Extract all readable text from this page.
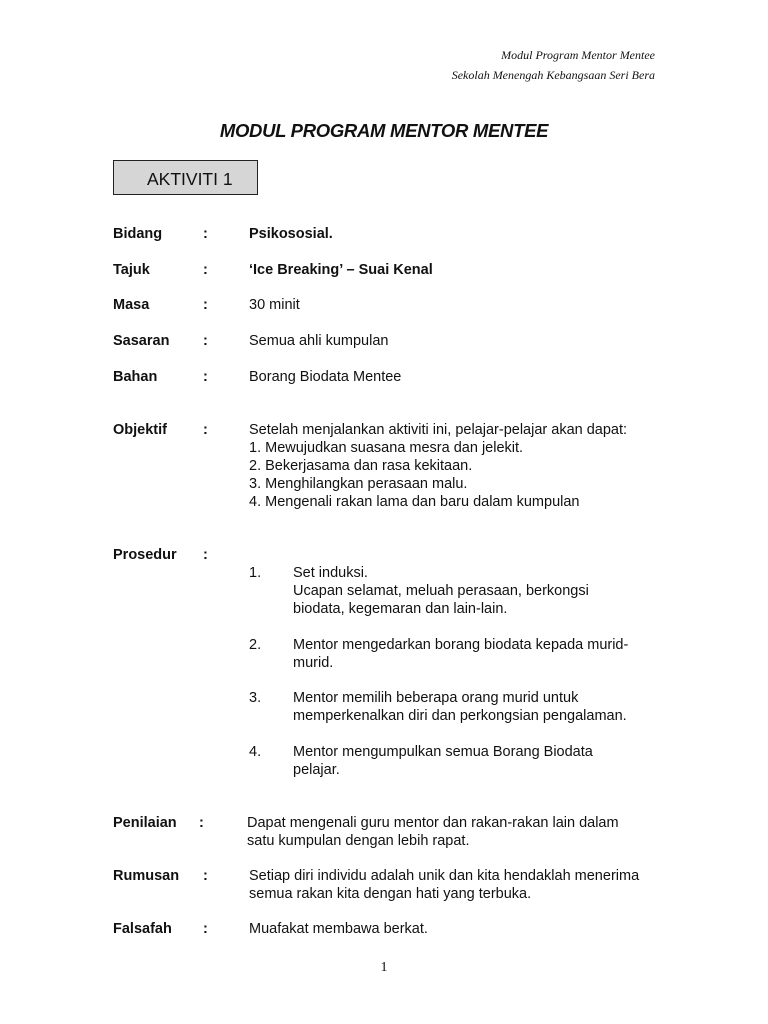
Modul Program Mentor Mentee
Sekolah Menengah Kebangsaan Seri Bera
MODUL PROGRAM MENTOR MENTEE
AKTIVITI 1
Bidang	:	Psikososial.
Tajuk	:	‘Ice Breaking’ – Suai Kenal
Masa	:	30 minit
Sasaran :	Semua ahli kumpulan
Bahan	:	Borang Biodata Mentee
Objektif :	Setelah menjalankan aktiviti ini, pelajar-pelajar akan dapat:
1. Mewujudkan suasana mesra dan jelekit.
2. Bekerjasama dan rasa kekitaan.
3. Menghilangkan perasaan malu.
4. Mengenali rakan lama dan baru dalam kumpulan
Prosedur :
1. Set induksi.
Ucapan selamat, meluah perasaan, berkongsi
biodata, kegemaran dan lain-lain.
2. Mentor mengedarkan borang biodata kepada murid-
murid.
3. Mentor memilih beberapa orang murid untuk
memperkenalkan diri dan perkongsian pengalaman.
4. Mentor mengumpulkan semua Borang Biodata
pelajar.
Penilaian :	Dapat mengenali guru mentor dan rakan-rakan lain dalam
satu kumpulan dengan lebih rapat.
Rumusan :	Setiap diri individu adalah unik dan kita hendaklah menerima
semua rakan kita dengan hati yang terbuka.
Falsafah :	Muafakat membawa berkat.
1
